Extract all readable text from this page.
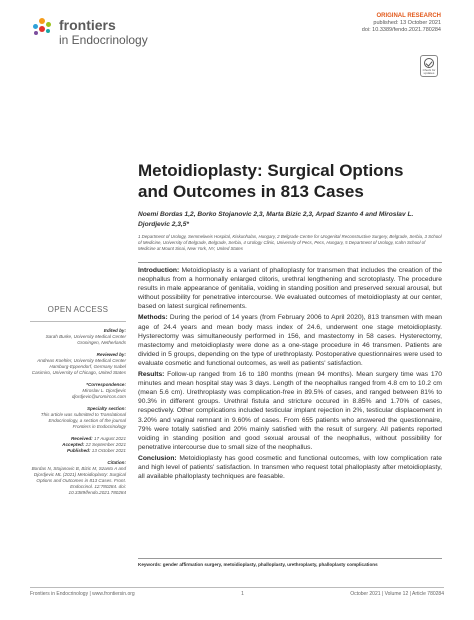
frontiers
in Endocrinology
ORIGINAL RESEARCH
published: 13 October 2021
doi: 10.3389/fendo.2021.780284
Check for updates
Metoidioplasty: Surgical Options and Outcomes in 813 Cases
Noemi Bordas 1,2, Borko Stojanovic 2,3, Marta Bizic 2,3, Arpad Szanto 4 and Miroslav L. Djordjevic 2,3,5*
1 Department of Urology, Semmelweis Hospital, Kiskunhalas, Hungary, 2 Belgrade Centre for Urogenital Reconstructive Surgery, Belgrade, Serbia, 3 School of Medicine, University of Belgrade, Belgrade, Serbia, 4 Urology Clinic, University of Pecs, Pecs, Hungary, 5 Department of Urology, Icahn School of Medicine at Mount Sinai, New York, NY, United States
OPEN ACCESS
Edited by:
Sarah Burke, University Medical Center Groningen, Netherlands
Reviewed by:
Andreas Koehler, University Medical Center Hamburg-Eppendorf, Germany Isabel Casimiro, University of Chicago, United States
*Correspondence:
Miroslav L. Djordjevic djordjevic@uromircos.com
Specialty section:
This article was submitted to Translational Endocrinology, a section of the journal Frontiers in Endocrinology
Received: 17 August 2021
Accepted: 22 September 2021
Published: 13 October 2021
Citation:
Bordas N, Stojanovic B, Bizic M, Szanto A and Djordjevic ML (2021) Metoidioplasty: Surgical Options and Outcomes in 813 Cases. Front. Endocrinol. 12:780284. doi: 10.3389/fendo.2021.780284

Introduction: Metoidioplasty is a variant of phalloplasty for transmen that includes the creation of the neophallus from a hormonally enlarged clitoris, urethral lengthening and scrotoplasty. The procedure results in male appearance of genitalia, voiding in standing position and preserved sexual arousal, but without possibility for penetrative intercourse. We evaluated outcomes of metoidioplasty at our center, based on latest surgical refinements.

Methods: During the period of 14 years (from February 2006 to April 2020), 813 transmen with mean age of 24.4 years and mean body mass index of 24.6, underwent one stage metoidioplasty. Hysterectomy was simultaneously performed in 156, and mastectomy in 58 cases. Hysterectomy, mastectomy and metoidioplasty were done as a one-stage procedure in 46 transmen. Patients are divided in 5 groups, depending on the type of urethroplasty. Postoperative questionnaires were used to evaluate cosmetic and functional outcomes, as well as patients' satisfaction.

Results: Follow-up ranged from 16 to 180 months (mean 94 months). Mean surgery time was 170 minutes and mean hospital stay was 3 days. Length of the neophallus ranged from 4.8 cm to 10.2 cm (mean 5.6 cm). Urethroplasty was complication-free in 89.5% of cases, and ranged between 81% to 90.3% in different groups. Urethral fistula and stricture occured in 8.85% and 1.70% of cases, respectively. Other complications included testicular implant rejection in 2%, testicular displacement in 3.20% and vaginal remnant in 9.60% of cases. From 655 patients who answered the questionnaire, 79% were totally satisfied and 20% mainly satisfied with the result of surgery. All patients reported voiding in standing position and good sexual arousal of the neophallus, without possibility for penetrative intercourse due to small size of the neophallus.

Conclusion: Metoidioplasty has good cosmetic and functional outcomes, with low complication rate and high level of patients' satisfaction. In transmen who request total phalloplasty after metoidioplasty, all available phalloplasty techniques are feasable.

Keywords: gender affirmation surgery, metoidioplasty, phalloplasty, urethroplasty, phalloplasty complications
Frontiers in Endocrinology | www.frontiersin.org	1	October 2021 | Volume 12 | Article 780284
